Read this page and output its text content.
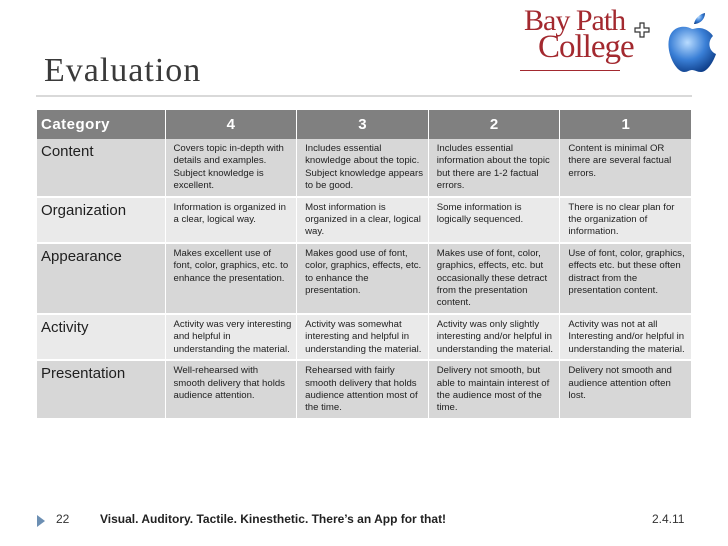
Evaluation
Bay Path
College
Category	4	3	2	1
Content	Covers topic in-depth with details and examples. Subject knowledge is excellent.	Includes essential knowledge about the topic. Subject knowledge appears to be good.	Includes essential information about the topic but there are 1-2 factual errors.	Content is minimal OR there are several factual errors.
Organization	Information is organized in a clear, logical way.	Most information is organized in a clear, logical way.	Some information is logically sequenced.	There is no clear plan for the organization of information.
Appearance	Makes excellent use of font, color, graphics, etc. to enhance the presentation.	Makes good use of font, color, graphics, effects, etc. to enhance the presentation.	Makes use of font, color, graphics, effects, etc. but occasionally these detract from the presentation content.	Use of font, color, graphics, effects etc. but these often distract from the presentation content.
Activity	Activity was very interesting and helpful in understanding the material.	Activity was somewhat interesting and helpful in understanding the material.	Activity was only slightly interesting and/or helpful in understanding the material.	Activity was not at all Interesting and/or helpful in understanding the material.
Presentation	Well-rehearsed with smooth delivery that holds audience attention.	Rehearsed with fairly smooth delivery that holds audience attention most of the time.	Delivery not smooth, but able to maintain interest of the audience most of the time.	Delivery not smooth and audience attention often lost.
22	Visual. Auditory. Tactile. Kinesthetic. There’s an App for that!	2.4.11
